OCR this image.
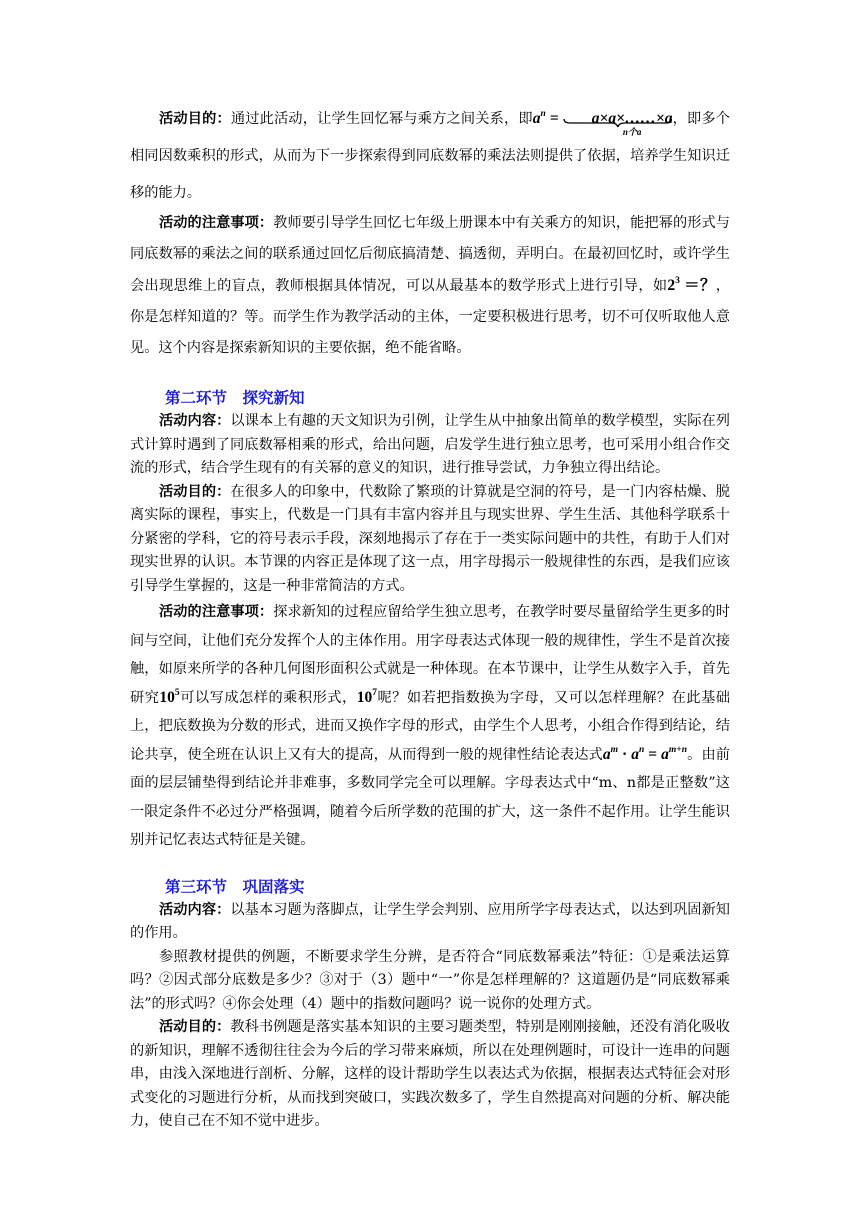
活动目的：通过此活动，让学生回忆幂与乘方之间关系，即$a^n$ = a×a×……×a
n个a
，即多个相同因数乘积的形式，从而为下一步探索得到同底数幂的乘法法则提供了依据，培养学生知识迁移的能力。

活动的注意事项：教师要引导学生回忆七年级上册课本中有关乘方的知识，能把幂的形式与同底数幂的乘法之间的联系通过回忆后彻底搞清楚、搞透彻，弄明白。在最初回忆时，或许学生会出现思维上的盲点，教师根据具体情况，可以从最基本的数学形式上进行引导，如$2^3$ ＝？，你是怎样知道的？等。而学生作为教学活动的主体，一定要积极进行思考，切不可仅听取他人意见。这个内容是探索新知识的主要依据，绝不能省略。

第二环节　探究新知

活动内容：以课本上有趣的天文知识为引例，让学生从中抽象出简单的数学模型，实际在列式计算时遇到了同底数幂相乘的形式，给出问题，启发学生进行独立思考，也可采用小组合作交流的形式，结合学生现有的有关幂的意义的知识，进行推导尝试，力争独立得出结论。

活动目的：在很多人的印象中，代数除了繁琐的计算就是空洞的符号，是一门内容枯燥、脱离实际的课程，事实上，代数是一门具有丰富内容并且与现实世界、学生生活、其他科学联系十分紧密的学科，它的符号表示手段，深刻地揭示了存在于一类实际问题中的共性，有助于人们对现实世界的认识。本节课的内容正是体现了这一点，用字母揭示一般规律性的东西，是我们应该引导学生掌握的，这是一种非常简洁的方式。

活动的注意事项：探求新知的过程应留给学生独立思考，在教学时要尽量留给学生更多的时间与空间，让他们充分发挥个人的主体作用。用字母表达式体现一般的规律性，学生不是首次接触，如原来所学的各种几何图形面积公式就是一种体现。在本节课中，让学生从数字入手，首先研究$10^5$可以写成怎样的乘积形式，$10^7$呢？如若把指数换为字母，又可以怎样理解？在此基础上，把底数换为分数的形式，进而又换作字母的形式，由学生个人思考，小组合作得到结论，结论共享，使全班在认识上又有大的提高，从而得到一般的规律性结论表达式$a^m \cdot a^n = a^{m+n}$。由前面的层层铺垫得到结论并非难事，多数同学完全可以理解。字母表达式中“m、n都是正整数”这一限定条件不必过分严格强调，随着今后所学数的范围的扩大，这一条件不起作用。让学生能识别并记忆表达式特征是关键。

第三环节　巩固落实

活动内容：以基本习题为落脚点，让学生学会判别、应用所学字母表达式，以达到巩固新知的作用。

参照教材提供的例题，不断要求学生分辨，是否符合“同底数幂乘法”特征：①是乘法运算吗？②因式部分底数是多少？③对于（3）题中“一”你是怎样理解的？这道题仍是“同底数幂乘法”的形式吗？④你会处理（4）题中的指数问题吗？说一说你的处理方式。

活动目的：教科书例题是落实基本知识的主要习题类型，特别是刚刚接触，还没有消化吸收的新知识，理解不透彻往往会为今后的学习带来麻烦，所以在处理例题时，可设计一连串的问题串，由浅入深地进行剖析、分解，这样的设计帮助学生以表达式为依据，根据表达式特征会对形式变化的习题进行分析，从而找到突破口，实践次数多了，学生自然提高对问题的分析、解决能力，使自己在不知不觉中进步。
